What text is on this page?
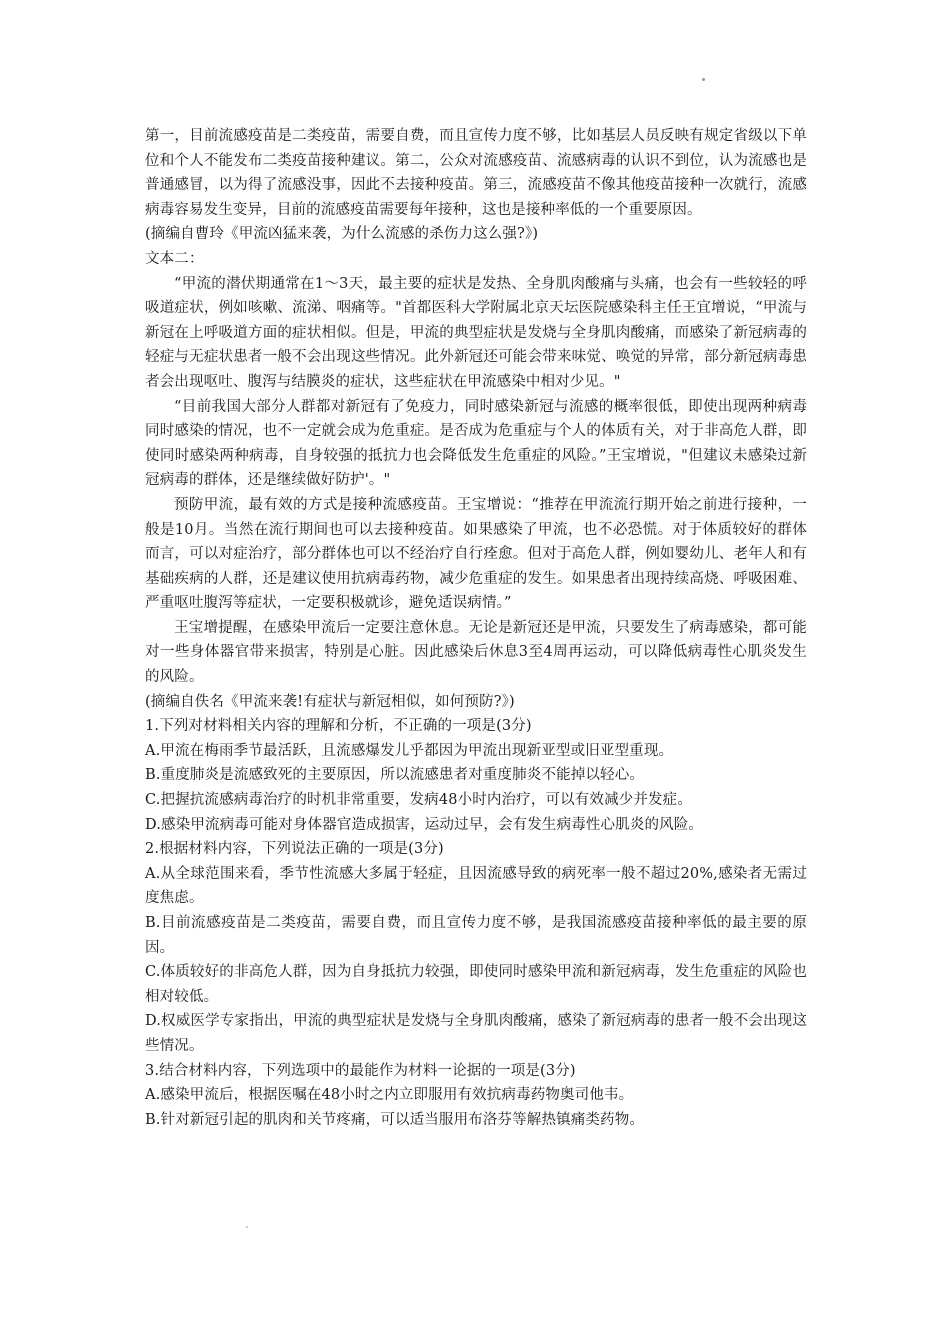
第一，目前流感疫苗是二类疫苗，需要自费，而且宣传力度不够，比如基层人员反映有规定省级以下单位和个人不能发布二类疫苗接种建议。第二，公众对流感疫苗、流感病毒的认识不到位，认为流感也是普通感冒，以为得了流感没事，因此不去接种疫苗。第三，流感疫苗不像其他疫苗接种一次就行，流感病毒容易发生变异，目前的流感疫苗需要每年接种，这也是接种率低的一个重要原因。

(摘编自曹玲《甲流凶猛来袭，为什么流感的杀伤力这么强?》)

文本二：

“甲流的潜伏期通常在1～3天，最主要的症状是发热、全身肌肉酸痛与头痛，也会有一些较轻的呼吸道症状，例如咳嗽、流涕、咽痛等。"首都医科大学附属北京天坛医院感染科主任王宜增说，“甲流与新冠在上呼吸道方面的症状相似。但是，甲流的典型症状是发烧与全身肌肉酸痛，而感染了新冠病毒的轻症与无症状患者一般不会出现这些情况。此外新冠还可能会带来味觉、唤觉的异常，部分新冠病毒患者会出现呕吐、腹泻与结膜炎的症状，这些症状在甲流感染中相对少见。"

“目前我国大部分人群都对新冠有了免疫力，同时感染新冠与流感的概率很低，即使出现两种病毒同时感染的情况，也不一定就会成为危重症。是否成为危重症与个人的体质有关，对于非高危人群，即使同时感染两种病毒，自身较强的抵抗力也会降低发生危重症的风险。”王宝增说，"但建议未感染过新冠病毒的群体，还是继续做好防护'。"

预防甲流，最有效的方式是接种流感疫苗。王宝增说：“推荐在甲流流行期开始之前进行接种，一般是10月。当然在流行期间也可以去接种疫苗。如果感染了甲流，也不必恐慌。对于体质较好的群体而言，可以对症治疗，部分群体也可以不经治疗自行痊愈。但对于高危人群，例如婴幼儿、老年人和有基础疾病的人群，还是建议使用抗病毒药物，减少危重症的发生。如果患者出现持续高烧、呼吸困难、严重呕吐腹泻等症状，一定要积极就诊，避免适误病情。”

王宝增提醒，在感染甲流后一定要注意休息。无论是新冠还是甲流，只要发生了病毒感染，都可能对一些身体器官带来损害，特别是心脏。因此感染后休息3至4周再运动，可以降低病毒性心肌炎发生的风险。

(摘编自佚名《甲流来袭!有症状与新冠相似，如何预防?》)

1.下列对材料相关内容的理解和分析，不正确的一项是(3分)

A.甲流在梅雨季节最活跃，且流感爆发儿乎都因为甲流出现新亚型或旧亚型重现。

B.重度肺炎是流感致死的主要原因，所以流感患者对重度肺炎不能掉以轻心。

C.把握抗流感病毒治疗的时机非常重要，发病48小时内治疗，可以有效减少并发症。

D.感染甲流病毒可能对身体器官造成损害，运动过早，会有发生病毒性心肌炎的风险。

2.根据材料内容，下列说法正确的一项是(3分)

A.从全球范围来看，季节性流感大多属于轻症，且因流感导致的病死率一般不超过20%,感染者无需过度焦虑。

B.目前流感疫苗是二类疫苗，需要自费，而且宣传力度不够，是我国流感疫苗接种率低的最主要的原因。

C.体质较好的非高危人群，因为自身抵抗力较强，即使同时感染甲流和新冠病毒，发生危重症的风险也相对较低。

D.权威医学专家指出，甲流的典型症状是发烧与全身肌肉酸痛，感染了新冠病毒的患者一般不会出现这些情况。

3.结合材料内容，下列选项中的最能作为材料一论据的一项是(3分)

A.感染甲流后，根据医嘱在48小时之内立即服用有效抗病毒药物奥司他韦。

B.针对新冠引起的肌肉和关节疼痛，可以适当服用布洛芬等解热镇痛类药物。
